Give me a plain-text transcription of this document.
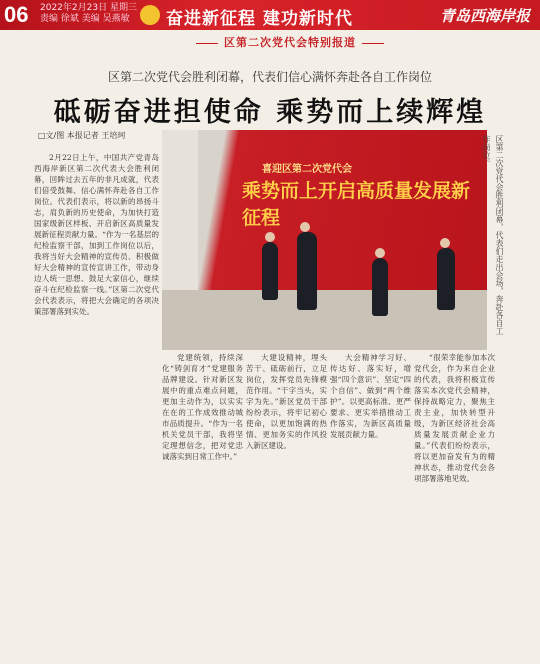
06 2022年2月23日 星期三
责编 徐斌 美编 吴燕敏	奋进新征程 建功新时代	青岛西海岸报
区第二次党代会特别报道
区第二次党代会胜利闭幕，代表们信心满怀奔赴各自工作岗位
砥砺奋进担使命 乘势而上续辉煌
□文/图 本报记者 王培珂
喜迎区第二次党代会
乘势而上开启高质量发展新征程	区第二次党代会胜利闭幕，代表们走出会场，奔赴各自工作岗位。

2月22日上午，中国共产党青岛西海岸新区第二次代表大会胜利闭幕，回眸过去五年的非凡成就，代表们倍受鼓舞、信心满怀奔赴各自工作岗位。代表们表示，将以新的昂扬斗志，肩负新的历史使命，为加快打造国家级新区样板、开启新区高质量发展新征程贡献力量。“作为一名基层的纪检监察干部，加到工作岗位以后，我将当好大会精神的宣传员、积极做好大会精神的宣传宣讲工作，带动身边人统一思想、鼓足大家信心，继续奋斗在纪检监察一线。”区第二次党代会代表表示，将把大会确定的各项决策部署落到实处。

党建统领，持续深化“铸剑育才”党建服务品牌建设。针对新区发展中的重点难点问题，更加主动作为，以实实在在的工作成效推动城市品质提升。“作为一名机关党员干部，我将坚定理想信念，把对党忠诚落实到日常工作中。”

大建设精神，埋头苦干、砥砺前行，立足岗位，发挥党员先锋模范作用。“干字当头，实字为先。”新区党员干部纷纷表示，将牢记初心使命，以更加饱满的热情、更加务实的作风投入新区建设。

大会精神学习好、传达好、落实好，增强“四个意识”、坚定“四个自信”、做到“两个维护”。以更高标准、更严要求、更实举措推动工作落实，为新区高质量发展贡献力量。

“很荣幸能参加本次党代会，作为来自企业的代表，我将积极宣传落实本次党代会精神，保持战略定力，聚焦主责主业，加快转型升级，为新区经济社会高质量发展贡献企业力量。”代表们纷纷表示，将以更加奋发有为的精神状态，推动党代会各项部署落地见效。
